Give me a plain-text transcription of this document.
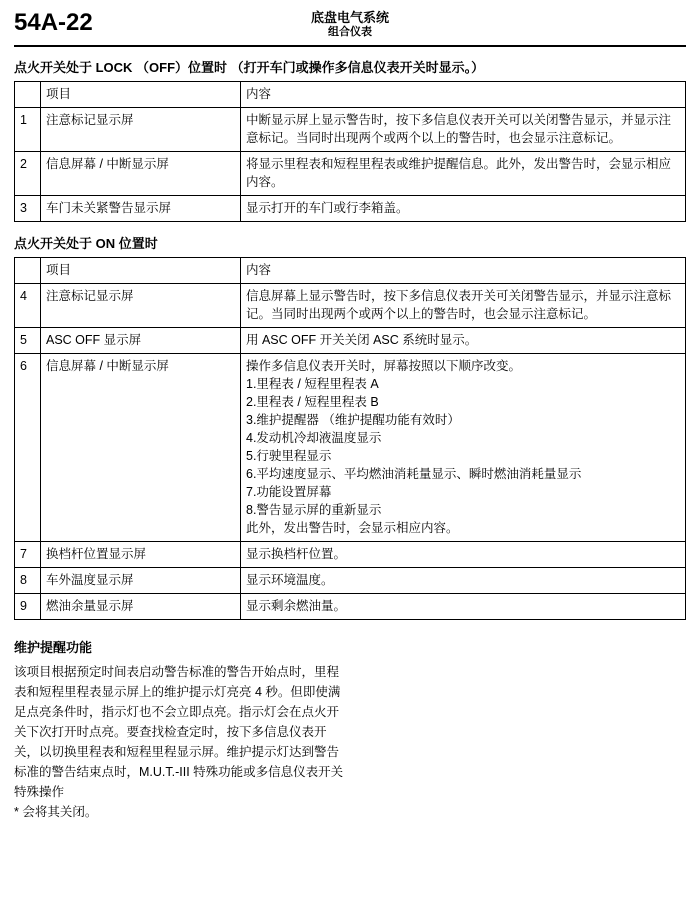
54A-22	底盘电气系统
组合仪表
点火开关处于 LOCK （OFF）位置时 （打开车门或操作多信息仪表开关时显示。）
	项目	内容
1	注意标记显示屏	中断显示屏上显示警告时，按下多信息仪表开关可以关闭警告显示，并显示注意标记。当同时出现两个或两个以上的警告时，也会显示注意标记。
2	信息屏幕 / 中断显示屏	将显示里程表和短程里程表或维护提醒信息。此外，发出警告时，会显示相应内容。
3	车门未关紧警告显示屏	显示打开的车门或行李箱盖。
点火开关处于 ON 位置时
	项目	内容
4	注意标记显示屏	信息屏幕上显示警告时，按下多信息仪表开关可关闭警告显示，并显示注意标记。当同时出现两个或两个以上的警告时，也会显示注意标记。
5	ASC OFF 显示屏	用 ASC OFF 开关关闭 ASC 系统时显示。
6	信息屏幕 / 中断显示屏	操作多信息仪表开关时，屏幕按照以下顺序改变。
1.里程表 / 短程里程表 A
2.里程表 / 短程里程表 B
3.维护提醒器 （维护提醒功能有效时）
4.发动机冷却液温度显示
5.行驶里程显示
6.平均速度显示、平均燃油消耗量显示、瞬时燃油消耗量显示
7.功能设置屏幕
8.警告显示屏的重新显示
此外，发出警告时，会显示相应内容。

7	换档杆位置显示屏	显示换档杆位置。
8	车外温度显示屏	显示环境温度。
9	燃油余量显示屏	显示剩余燃油量。
维护提醒功能
该项目根据预定时间表启动警告标准的警告开始点时，里程表和短程里程表显示屏上的维护提示灯亮亮 4 秒。但即使满足点亮条件时，指示灯也不会立即点亮。指示灯会在点火开关下次打开时点亮。要查找检查定时，按下多信息仪表开关，以切换里程表和短程里程显示屏。维护提示灯达到警告标准的警告结束点时，M.U.T.-III 特殊功能或多信息仪表开关特殊操作
* 会将其关闭。
